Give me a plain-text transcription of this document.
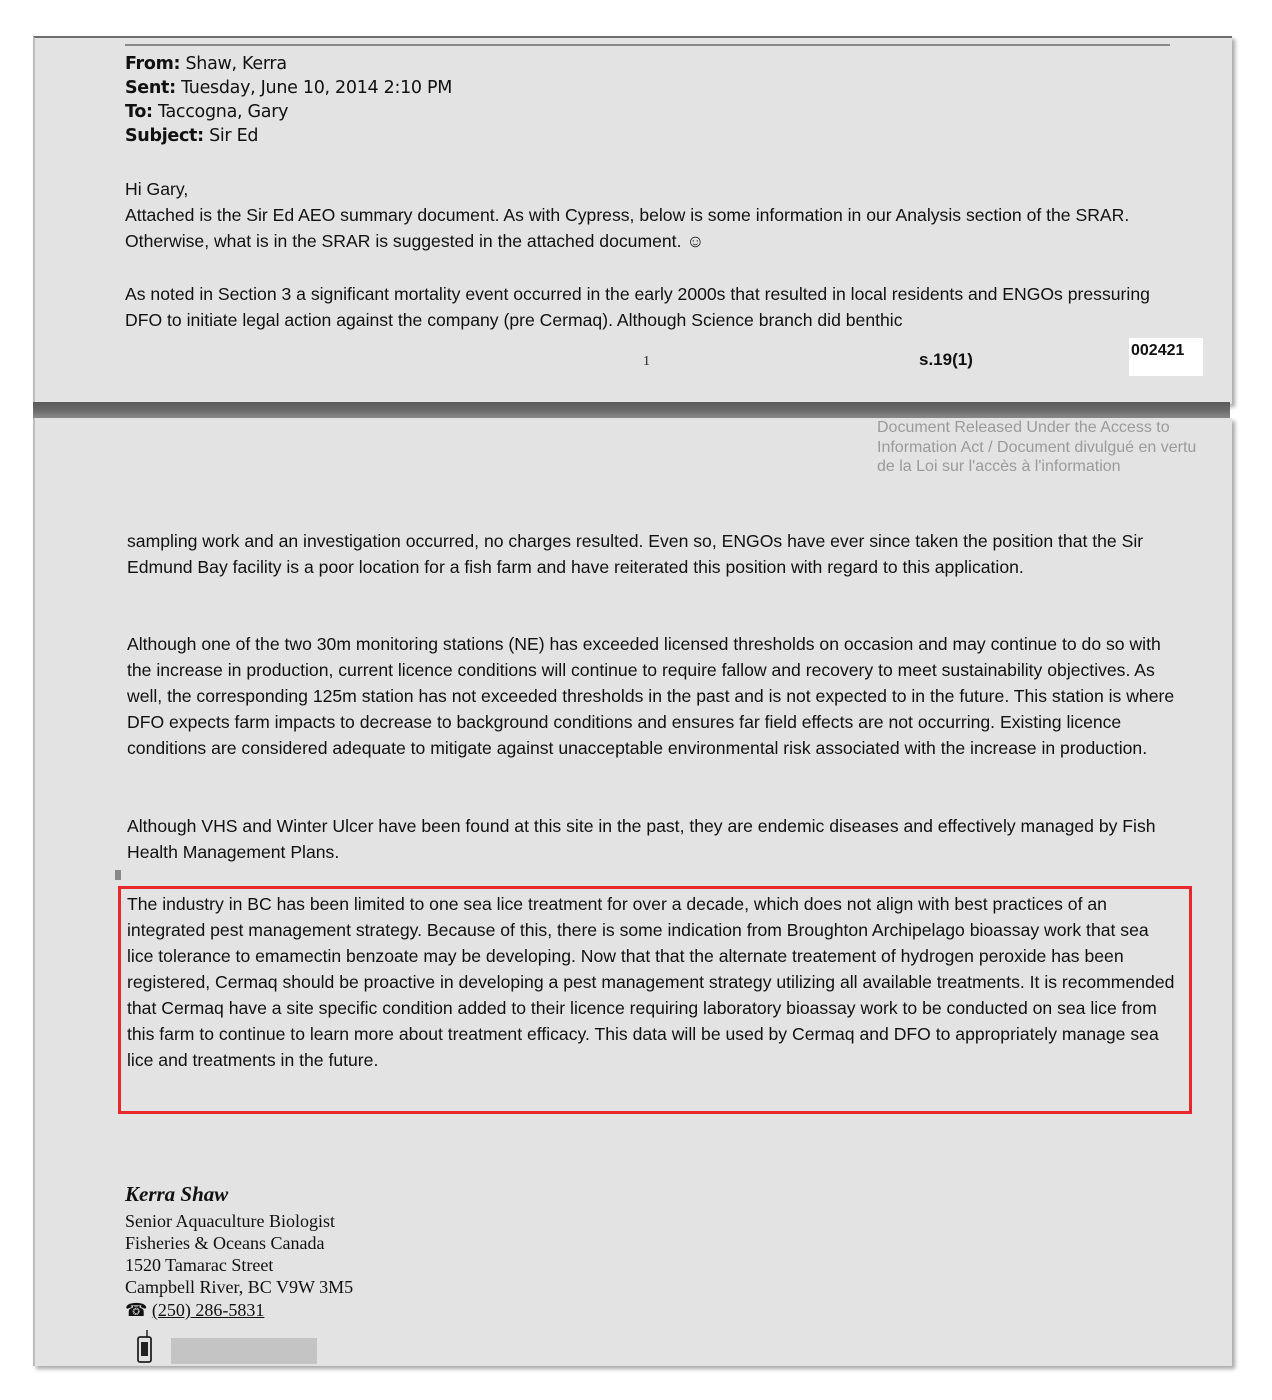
From: Shaw, Kerra
Sent: Tuesday, June 10, 2014 2:10 PM
To: Taccogna, Gary
Subject: Sir Ed
Hi Gary,
Attached is the Sir Ed AEO summary document. As with Cypress, below is some information in our Analysis section of the SRAR. Otherwise, what is in the SRAR is suggested in the attached document. ☺
As noted in Section 3 a significant mortality event occurred in the early 2000s that resulted in local residents and ENGOs pressuring DFO to initiate legal action against the company (pre Cermaq). Although Science branch did benthic
1	s.19(1)	002421
Document Released Under the Access to
Information Act / Document divulgué en vertu
de la Loi sur l'accès à l'information
sampling work and an investigation occurred, no charges resulted. Even so, ENGOs have ever since taken the position that the Sir Edmund Bay facility is a poor location for a fish farm and have reiterated this position with regard to this application.
Although one of the two 30m monitoring stations (NE) has exceeded licensed thresholds on occasion and may continue to do so with the increase in production, current licence conditions will continue to require fallow and recovery to meet sustainability objectives. As well, the corresponding 125m station has not exceeded thresholds in the past and is not expected to in the future. This station is where DFO expects farm impacts to decrease to background conditions and ensures far field effects are not occurring. Existing licence conditions are considered adequate to mitigate against unacceptable environmental risk associated with the increase in production.
Although VHS and Winter Ulcer have been found at this site in the past, they are endemic diseases and effectively managed by Fish Health Management Plans.
The industry in BC has been limited to one sea lice treatment for over a decade, which does not align with best practices of an integrated pest management strategy. Because of this, there is some indication from Broughton Archipelago bioassay work that sea lice tolerance to emamectin benzoate may be developing. Now that that the alternate treatement of hydrogen peroxide has been registered, Cermaq should be proactive in developing a pest management strategy utilizing all available treatments. It is recommended that Cermaq have a site specific condition added to their licence requiring laboratory bioassay work to be conducted on sea lice from this farm to continue to learn more about treatment efficacy. This data will be used by Cermaq and DFO to appropriately manage sea lice and treatments in the future.
Kerra Shaw
Senior Aquaculture Biologist
Fisheries & Oceans Canada
1520 Tamarac Street
Campbell River, BC V9W 3M5
☎ (250) 286-5831
